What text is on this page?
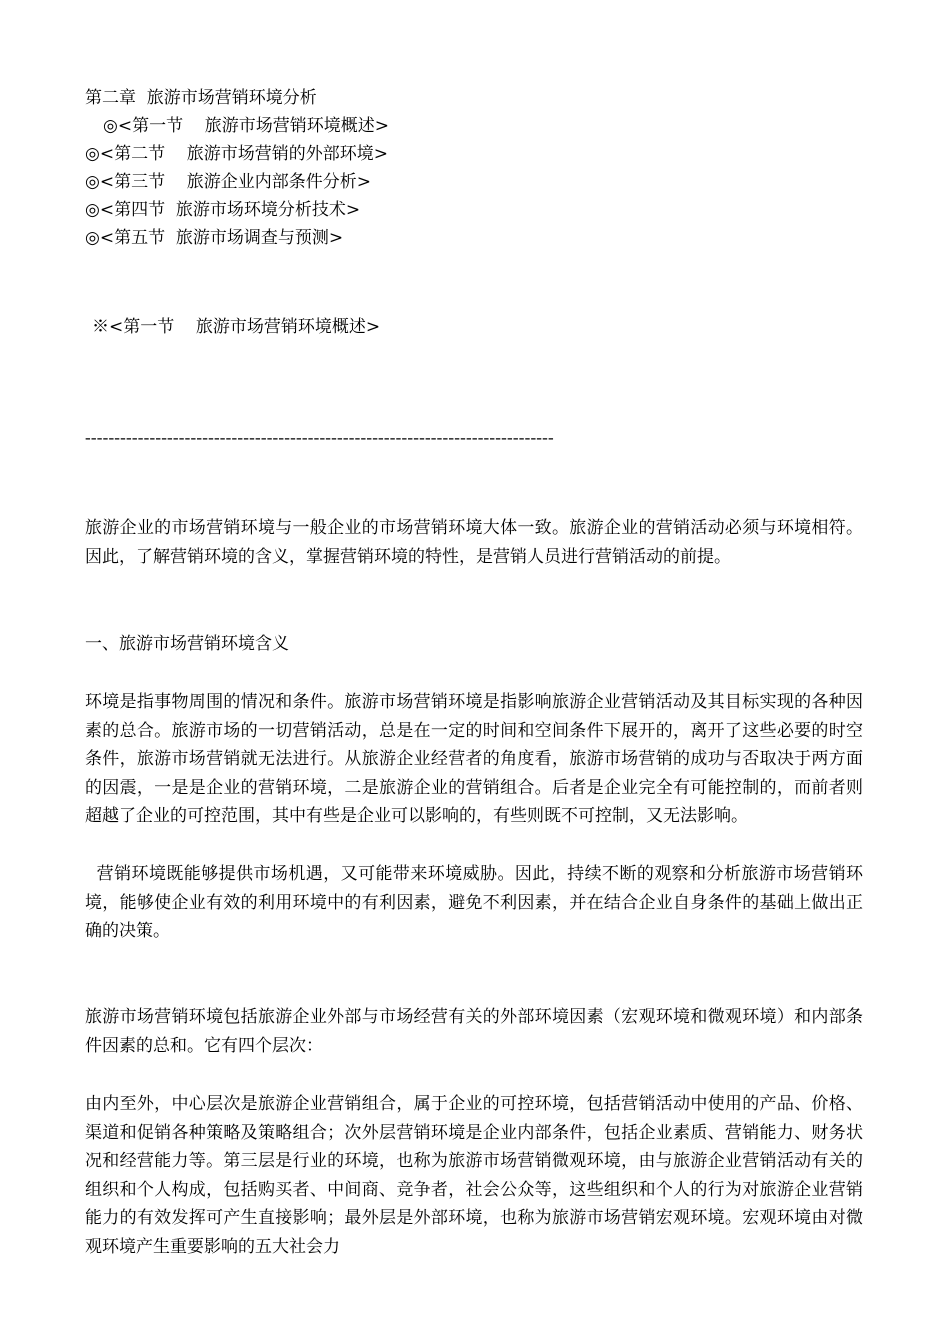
第二章  旅游市场营销环境分析
◎<第一节    旅游市场营销环境概述>
◎<第二节    旅游市场营销的外部环境>
◎<第三节    旅游企业内部条件分析>
◎<第四节  旅游市场环境分析技术>
◎<第五节  旅游市场调查与预测>
※<第一节    旅游市场营销环境概述>
--------------------------------------------------------------------------------
旅游企业的市场营销环境与一般企业的市场营销环境大体一致。旅游企业的营销活动必须与环境相符。因此，了解营销环境的含义，掌握营销环境的特性，是营销人员进行营销活动的前提。
一、旅游市场营销环境含义
环境是指事物周围的情况和条件。旅游市场营销环境是指影响旅游企业营销活动及其目标实现的各种因素的总合。旅游市场的一切营销活动，总是在一定的时间和空间条件下展开的，离开了这些必要的时空条件，旅游市场营销就无法进行。从旅游企业经营者的角度看，旅游市场营销的成功与否取决于两方面的因震，一是是企业的营销环境，二是旅游企业的营销组合。后者是企业完全有可能控制的，而前者则超越了企业的可控范围，其中有些是企业可以影响的，有些则既不可控制，又无法影响。
营销环境既能够提供市场机遇，又可能带来环境威胁。因此，持续不断的观察和分析旅游市场营销环境，能够使企业有效的利用环境中的有利因素，避免不利因素，并在结合企业自身条件的基础上做出正确的决策。
旅游市场营销环境包括旅游企业外部与市场经营有关的外部环境因素（宏观环境和微观环境）和内部条件因素的总和。它有四个层次：
由内至外，中心层次是旅游企业营销组合，属于企业的可控环境，包括营销活动中使用的产品、价格、渠道和促销各种策略及策略组合；次外层营销环境是企业内部条件，包括企业素质、营销能力、财务状况和经营能力等。第三层是行业的环境，也称为旅游市场营销微观环境，由与旅游企业营销活动有关的组织和个人构成，包括购买者、中间商、竞争者，社会公众等，这些组织和个人的行为对旅游企业营销能力的有效发挥可产生直接影响；最外层是外部环境，也称为旅游市场营销宏观环境。宏观环境由对微观环境产生重要影响的五大社会力
